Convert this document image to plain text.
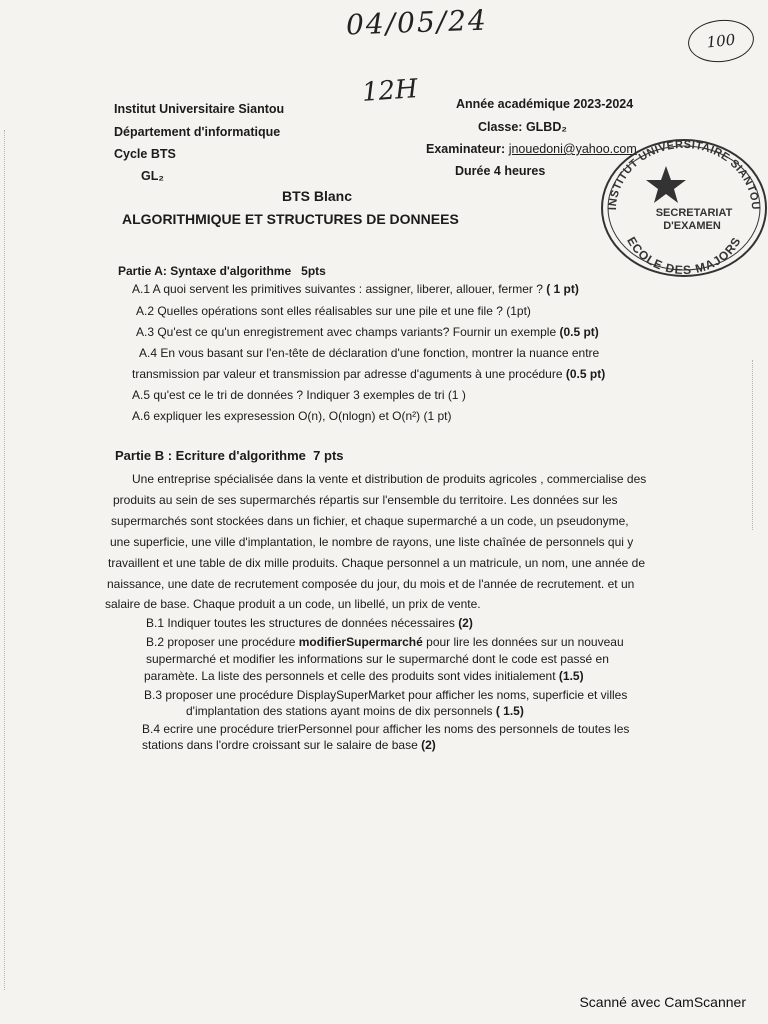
04/05/24	100
12H
Institut Universitaire Siantou
Département d'informatique
Cycle BTS
GL₂
Année académique 2023-2024
Classe: GLBD₂
Examinateur: jnouedoni@yahoo.com
Durée 4 heures
INSTITUT UNIVERSITAIRE SIANTOU
ECOLE DES MAJORS
SECRETARIAT
D'EXAMEN
BTS Blanc
ALGORITHMIQUE ET STRUCTURES DE DONNEES
Partie A: Syntaxe d'algorithme 5pts
A.1 A quoi servent les primitives suivantes : assigner, liberer, allouer, fermer ? ( 1 pt)
A.2 Quelles opérations sont elles réalisables sur une pile et une file ? (1pt)
A.3 Qu'est ce qu'un enregistrement avec champs variants? Fournir un exemple (0.5 pt)
A.4 En vous basant sur l'en-tête de déclaration d'une fonction, montrer la nuance entre
transmission par valeur et transmission par adresse d'aguments à une procédure (0.5 pt)
A.5 qu'est ce le tri de données ? Indiquer 3 exemples de tri (1 )
A.6 expliquer les expresession O(n), O(nlogn) et O(n²) (1 pt)
Partie B : Ecriture d'algorithme 7 pts
Une entreprise spécialisée dans la vente et distribution de produits agricoles , commercialise des
produits au sein de ses supermarchés répartis sur l'ensemble du territoire. Les données sur les
supermarchés sont stockées dans un fichier, et chaque supermarché a un code, un pseudonyme,
une superficie, une ville d'implantation, le nombre de rayons, une liste chaînée de personnels qui y
travaillent et une table de dix mille produits. Chaque personnel a un matricule, un nom, une année de
naissance, une date de recrutement composée du jour, du mois et de l'année de recrutement. et un
salaire de base. Chaque produit a un code, un libellé, un prix de vente.
B.1 Indiquer toutes les structures de données nécessaires (2)
B.2 proposer une procédure modifierSupermarché pour lire les données sur un nouveau
supermarché et modifier les informations sur le supermarché dont le code est passé en
paramète. La liste des personnels et celle des produits sont vides initialement (1.5)
B.3 proposer une procédure DisplaySuperMarket pour afficher les noms, superficie et villes
d'implantation des stations ayant moins de dix personnels ( 1.5)
B.4 ecrire une procédure trierPersonnel pour afficher les noms des personnels de toutes les
stations dans l'ordre croissant sur le salaire de base (2)
Scanné avec CamScanner
